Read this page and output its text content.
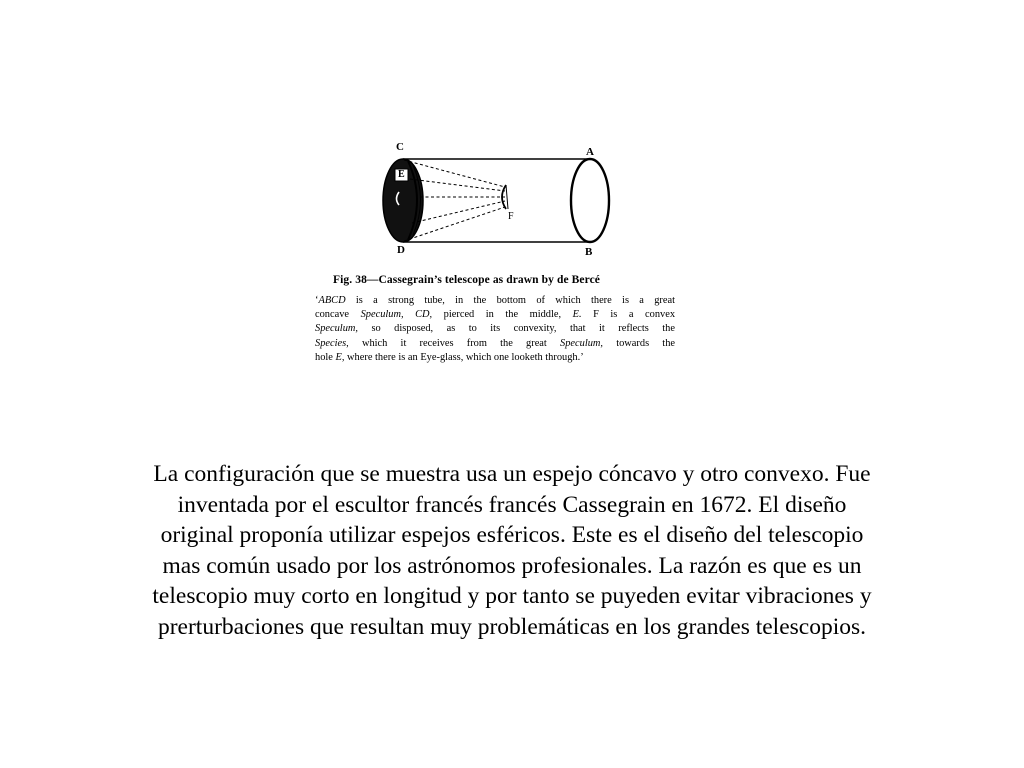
C	A
E
F
D	B
Fig. 38—Cassegrain’s telescope as drawn by de Bercé
‘ABCD is a strong tube, in the bottom of which there is a great
concave Speculum, CD, pierced in the middle, E. F is a convex
Speculum, so disposed, as to its convexity, that it reflects the
Species, which it receives from the great Speculum, towards the
hole E, where there is an Eye-glass, which one looketh through.’
La configuración que se muestra usa un espejo cóncavo y otro convexo. Fue
inventada por el escultor francés francés Cassegrain en 1672. El diseño
original proponía utilizar espejos esféricos. Este es el diseño del telescopio
mas común usado por los astrónomos profesionales. La razón es que es un
telescopio muy corto en longitud y por tanto se puyeden evitar vibraciones y
prerturbaciones que resultan muy problemáticas en los grandes telescopios.
